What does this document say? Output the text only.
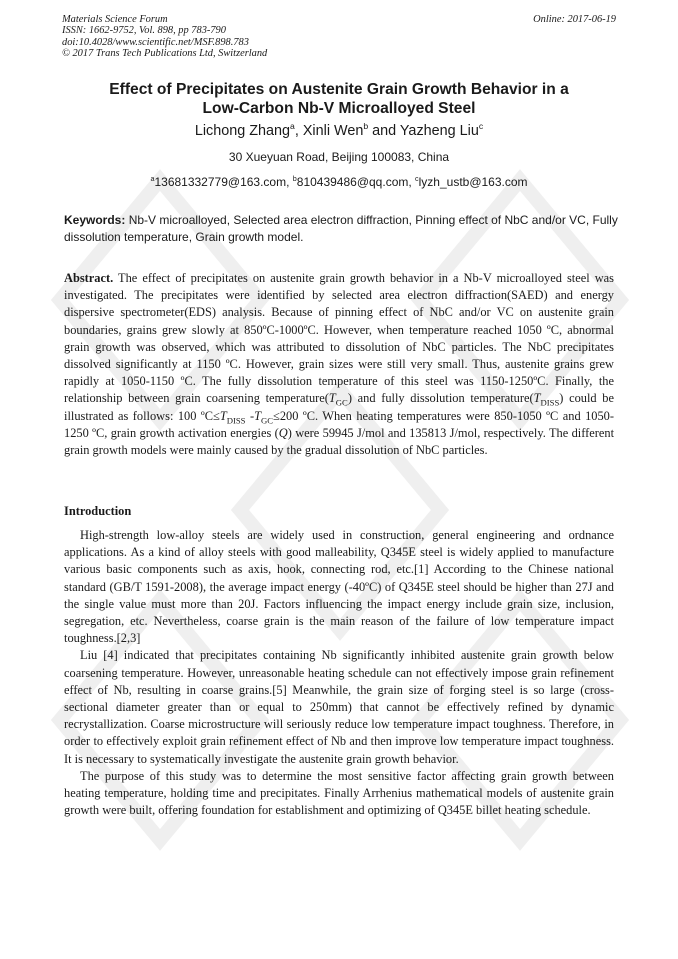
Materials Science Forum
ISSN: 1662-9752, Vol. 898, pp 783-790
doi:10.4028/www.scientific.net/MSF.898.783
© 2017 Trans Tech Publications Ltd, Switzerland
Online: 2017-06-19
Effect of Precipitates on Austenite Grain Growth Behavior in a
Low-Carbon Nb-V Microalloyed Steel
Lichong Zhang$^a$, Xinli Wen$^b$ and Yazheng Liu$^c$
30 Xueyuan Road, Beijing 100083, China
$^a$13681332779@163.com, $^b$810439486@qq.com, $^c$lyzh_ustb@163.com
Keywords: Nb-V microalloyed, Selected area electron diffraction, Pinning effect of NbC and/or VC, Fully dissolution temperature, Grain growth model.

Abstract. The effect of precipitates on austenite grain growth behavior in a Nb-V microalloyed steel was investigated. The precipitates were identified by selected area electron diffraction(SAED) and energy dispersive spectrometer(EDS) analysis. Because of pinning effect of NbC and/or VC on austenite grain boundaries, grains grew slowly at 850ºC-1000ºC. However, when temperature reached 1050 ºC, abnormal grain growth was observed, which was attributed to dissolution of NbC particles. The NbC precipitates dissolved significantly at 1150 ºC. However, grain sizes were still very small. Thus, austenite grains grew rapidly at 1050-1150 ºC. The fully dissolution temperature of this steel was 1150-1250ºC. Finally, the relationship between grain coarsening $temperature(T_{GC})$ and fully dissolution $temperature(T_{DISS})$ could be illustrated as follows: 100 $ºC\le T_{DISS}$ $-T_{GC}\le 200$ ºC. When heating temperatures were 850-1050 ºC and 1050-1250 ºC, grain growth activation energies (Q) were 59945 J/mol and 135813 J/mol, respectively. The different grain growth models were mainly caused by the gradual dissolution of NbC particles.

Introduction

High-strength low-alloy steels are widely used in construction, general engineering and ordnance applications. As a kind of alloy steels with good malleability, Q345E steel is widely applied to manufacture various basic components such as axis, hook, connecting rod, etc.[1] According to the Chinese national standard (GB/T 1591-2008), the average impact energy (-40ºC) of Q345E steel should be higher than 27J and the single value must more than 20J. Factors influencing the impact energy include grain size, inclusion, segregation, etc. Nevertheless, coarse grain is the main reason of the failure of low temperature impact toughness.[2,3]

Liu [4] indicated that precipitates containing Nb significantly inhibited austenite grain growth below coarsening temperature. However, unreasonable heating schedule can not effectively impose grain refinement effect of Nb, resulting in coarse grains.[5] Meanwhile, the grain size of forging steel is so large (cross-sectional diameter greater than or equal to 250mm) that cannot be effectively refined by dynamic recrystallization. Coarse microstructure will seriously reduce low temperature impact toughness. Therefore, in order to effectively exploit grain refinement effect of Nb and then improve low temperature impact toughness. It is necessary to systematically investigate the austenite grain growth behavior.

The purpose of this study was to determine the most sensitive factor affecting grain growth between heating temperature, holding time and precipitates. Finally Arrhenius mathematical models of austenite grain growth were built, offering foundation for establishment and optimizing of Q345E billet heating schedule.
